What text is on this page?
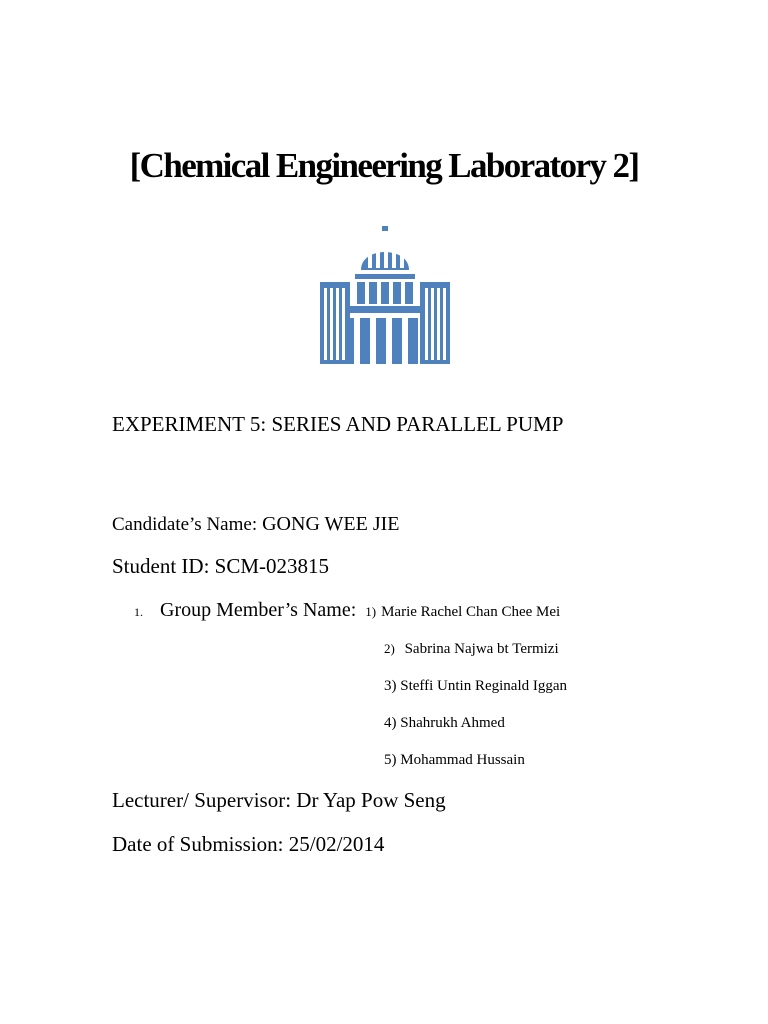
[Chemical Engineering Laboratory 2]
EXPERIMENT 5: SERIES AND PARALLEL PUMP
Candidate’s Name: GONG WEE JIE
Student ID: SCM-023815
1. Group Member’s Name: 1) Marie Rachel Chan Chee Mei
2) Sabrina Najwa bt Termizi
3) Steffi Untin Reginald Iggan
4) Shahrukh Ahmed
5) Mohammad Hussain
Lecturer/ Supervisor: Dr Yap Pow Seng
Date of Submission: 25/02/2014
